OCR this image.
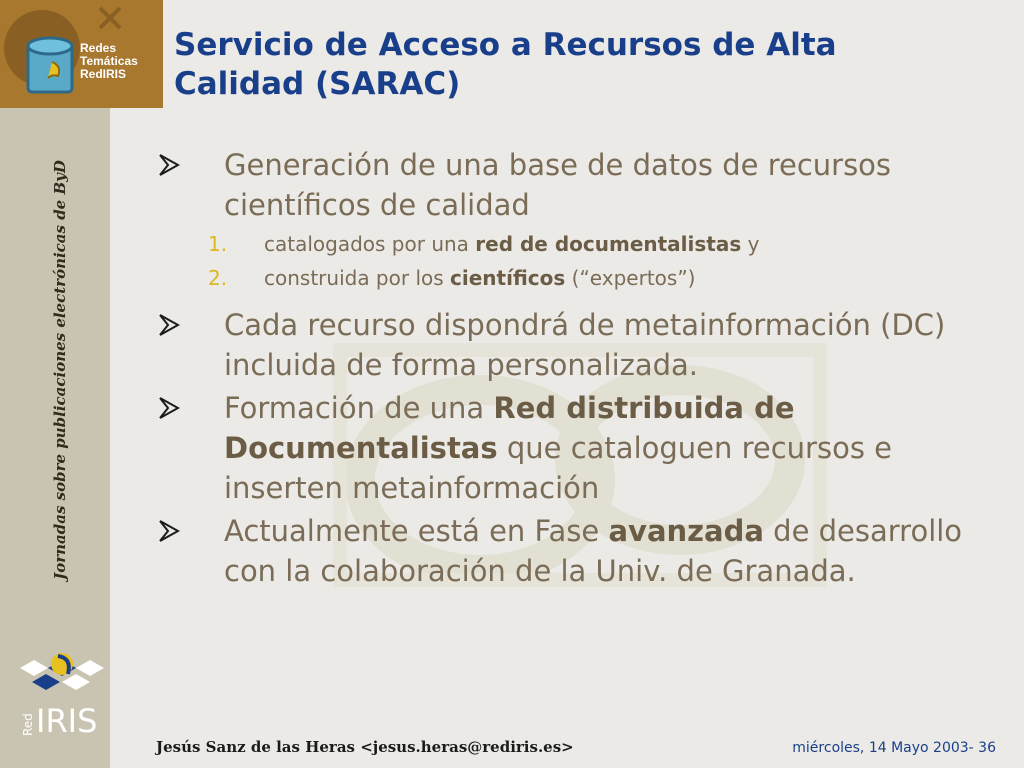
Redes
Temáticas
RedIRIS
Jornadas sobre publicaciones electrónicas de ByD
Red IRIS
Servicio de Acceso a Recursos de Alta
Calidad (SARAC)
Generación de una base de datos de recursos científicos de calidad
1. catalogados por una red de documentalistas y
2. construida por los científicos (“expertos”)
Cada recurso dispondrá de metainformación (DC) incluida de forma personalizada.
Formación de una Red distribuida de Documentalistas que cataloguen recursos e inserten metainformación
Actualmente está en Fase avanzada de desarrollo con la colaboración de la Univ. de Granada.
Jesús Sanz de las Heras <jesus.heras@rediris.es>	miércoles, 14 Mayo 2003- 36
